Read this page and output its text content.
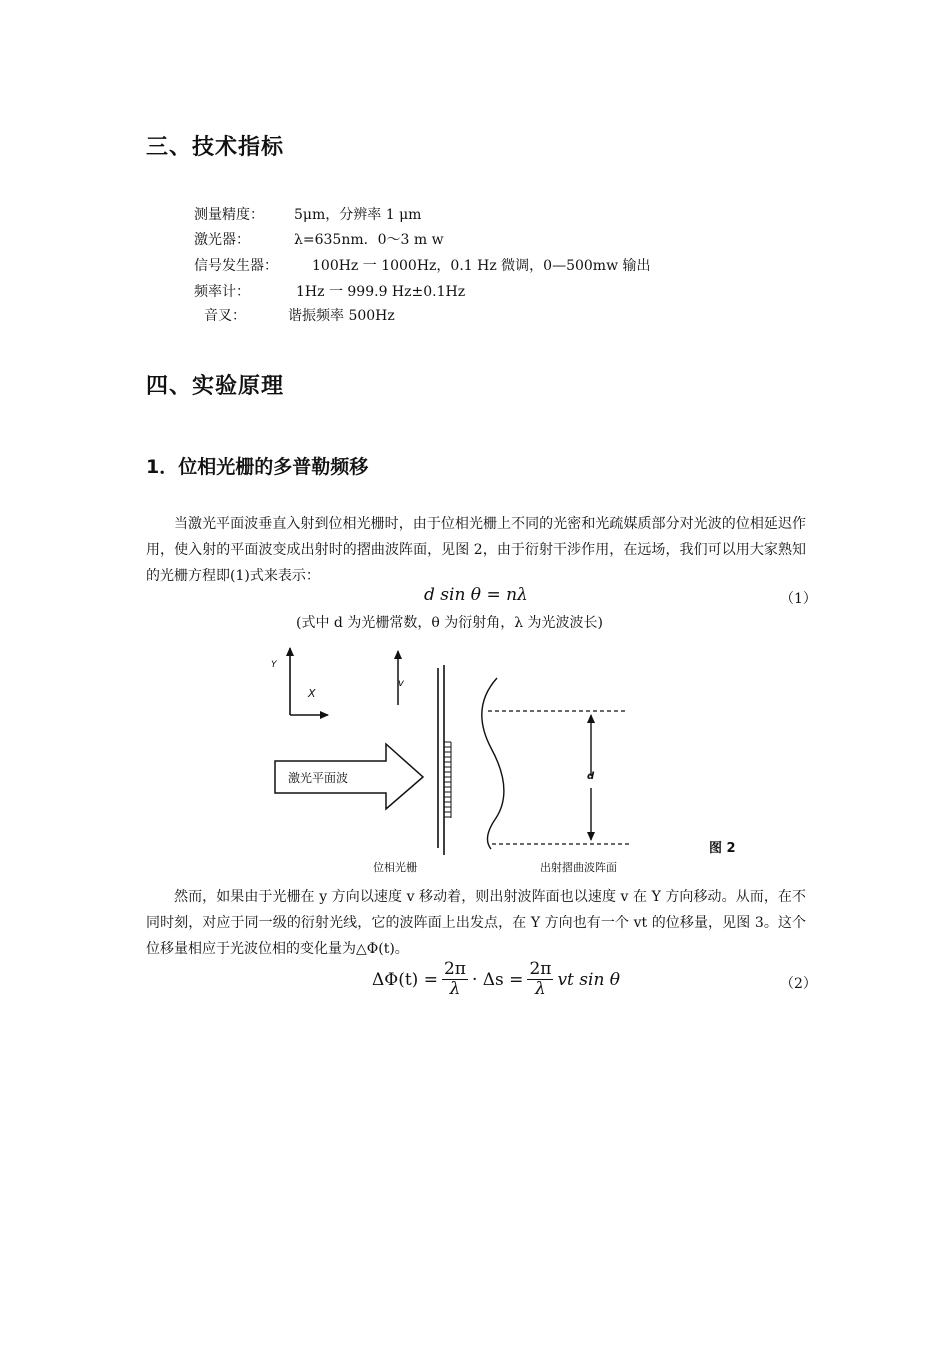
三、技术指标
测量精度： 5μm，分辨率 1 μm
激光器：	λ=635nm．0～3 m w
信号发生器： 100Hz 一 1000Hz，0.1 Hz 微调，0—500mw 输出
频率计：	1Hz 一 999.9 Hz±0.1Hz
音叉：	谐振频率 500Hz
四、实验原理
1．位相光栅的多普勒频移
当激光平面波垂直入射到位相光栅时，由于位相光栅上不同的光密和光疏媒质部分对光波的位相延迟作用，使入射的平面波变成出射时的摺曲波阵面，见图 2，由于衍射干涉作用，在远场，我们可以用大家熟知的光栅方程即(1)式来表示：
d sin θ = nλ	（1）
(式中 d 为光栅常数，θ 为衍射角，λ 为光波波长)
Y
X
v
激光平面波	d
位相光栅	出射摺曲波阵面
图 2
然而，如果由于光栅在 y 方向以速度 v 移动着，则出射波阵面也以速度 v 在 Y 方向移动。从而，在不同时刻，对应于同一级的衍射光线，它的波阵面上出发点，在 Y 方向也有一个 vt 的位移量，见图 3。这个位移量相应于光波位相的变化量为△Φ(t)。
$\Delta\Phi(t) = \frac{2\pi}{\lambda} \cdot \Delta s = \frac{2\pi}{\lambda}$ vt sin θ	（2）
